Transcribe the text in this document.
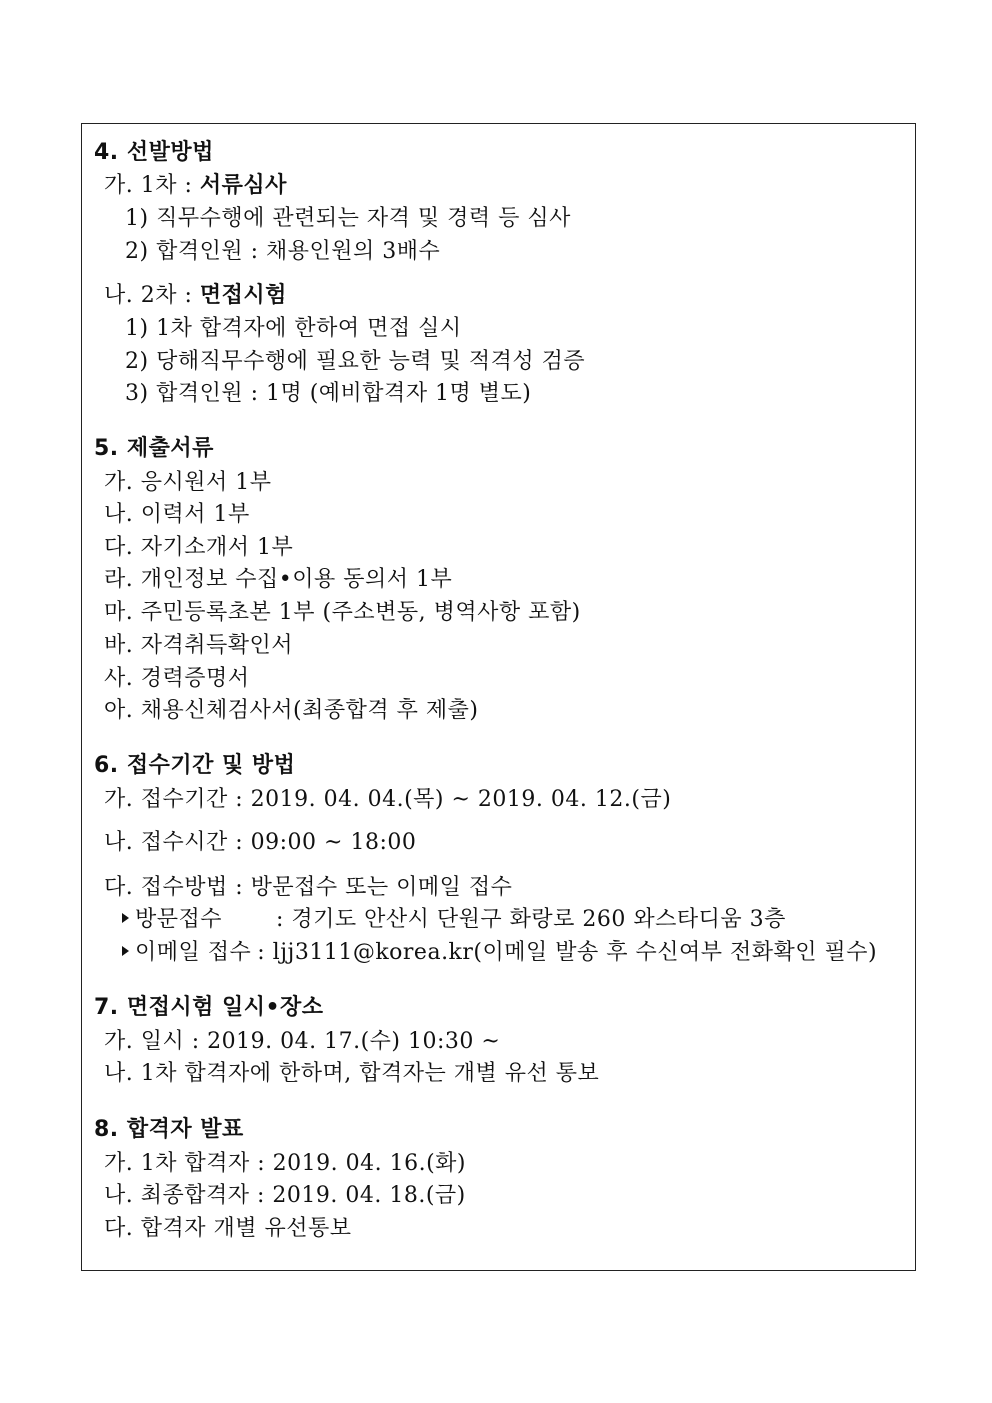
4. 선발방법
가. 1차 : 서류심사
1) 직무수행에 관련되는 자격 및 경력 등 심사
2) 합격인원 : 채용인원의 3배수
나. 2차 : 면접시험
1) 1차 합격자에 한하여 면접 실시
2) 당해직무수행에 필요한 능력 및 적격성 검증
3) 합격인원 : 1명 (예비합격자 1명 별도)
5. 제출서류
가. 응시원서 1부
나. 이력서 1부
다. 자기소개서 1부
라. 개인정보 수집•이용 동의서 1부
마. 주민등록초본 1부 (주소변동, 병역사항 포함)
바. 자격취득확인서
사. 경력증명서
아. 채용신체검사서(최종합격 후 제출)
6. 접수기간 및 방법
가. 접수기간 : 2019. 04. 04.(목) ~ 2019. 04. 12.(금)
나. 접수시간 : 09:00 ~ 18:00
다. 접수방법 : 방문접수 또는 이메일 접수
방문접수 : 경기도 안산시 단원구 화랑로 260 와스타디움 3층
이메일 접수 : ljj3111@korea.kr(이메일 발송 후 수신여부 전화확인 필수)
7. 면접시험 일시•장소
가. 일시 : 2019. 04. 17.(수) 10:30 ~
나. 1차 합격자에 한하며, 합격자는 개별 유선 통보
8. 합격자 발표
가. 1차 합격자 : 2019. 04. 16.(화)
나. 최종합격자 : 2019. 04. 18.(금)
다. 합격자 개별 유선통보
